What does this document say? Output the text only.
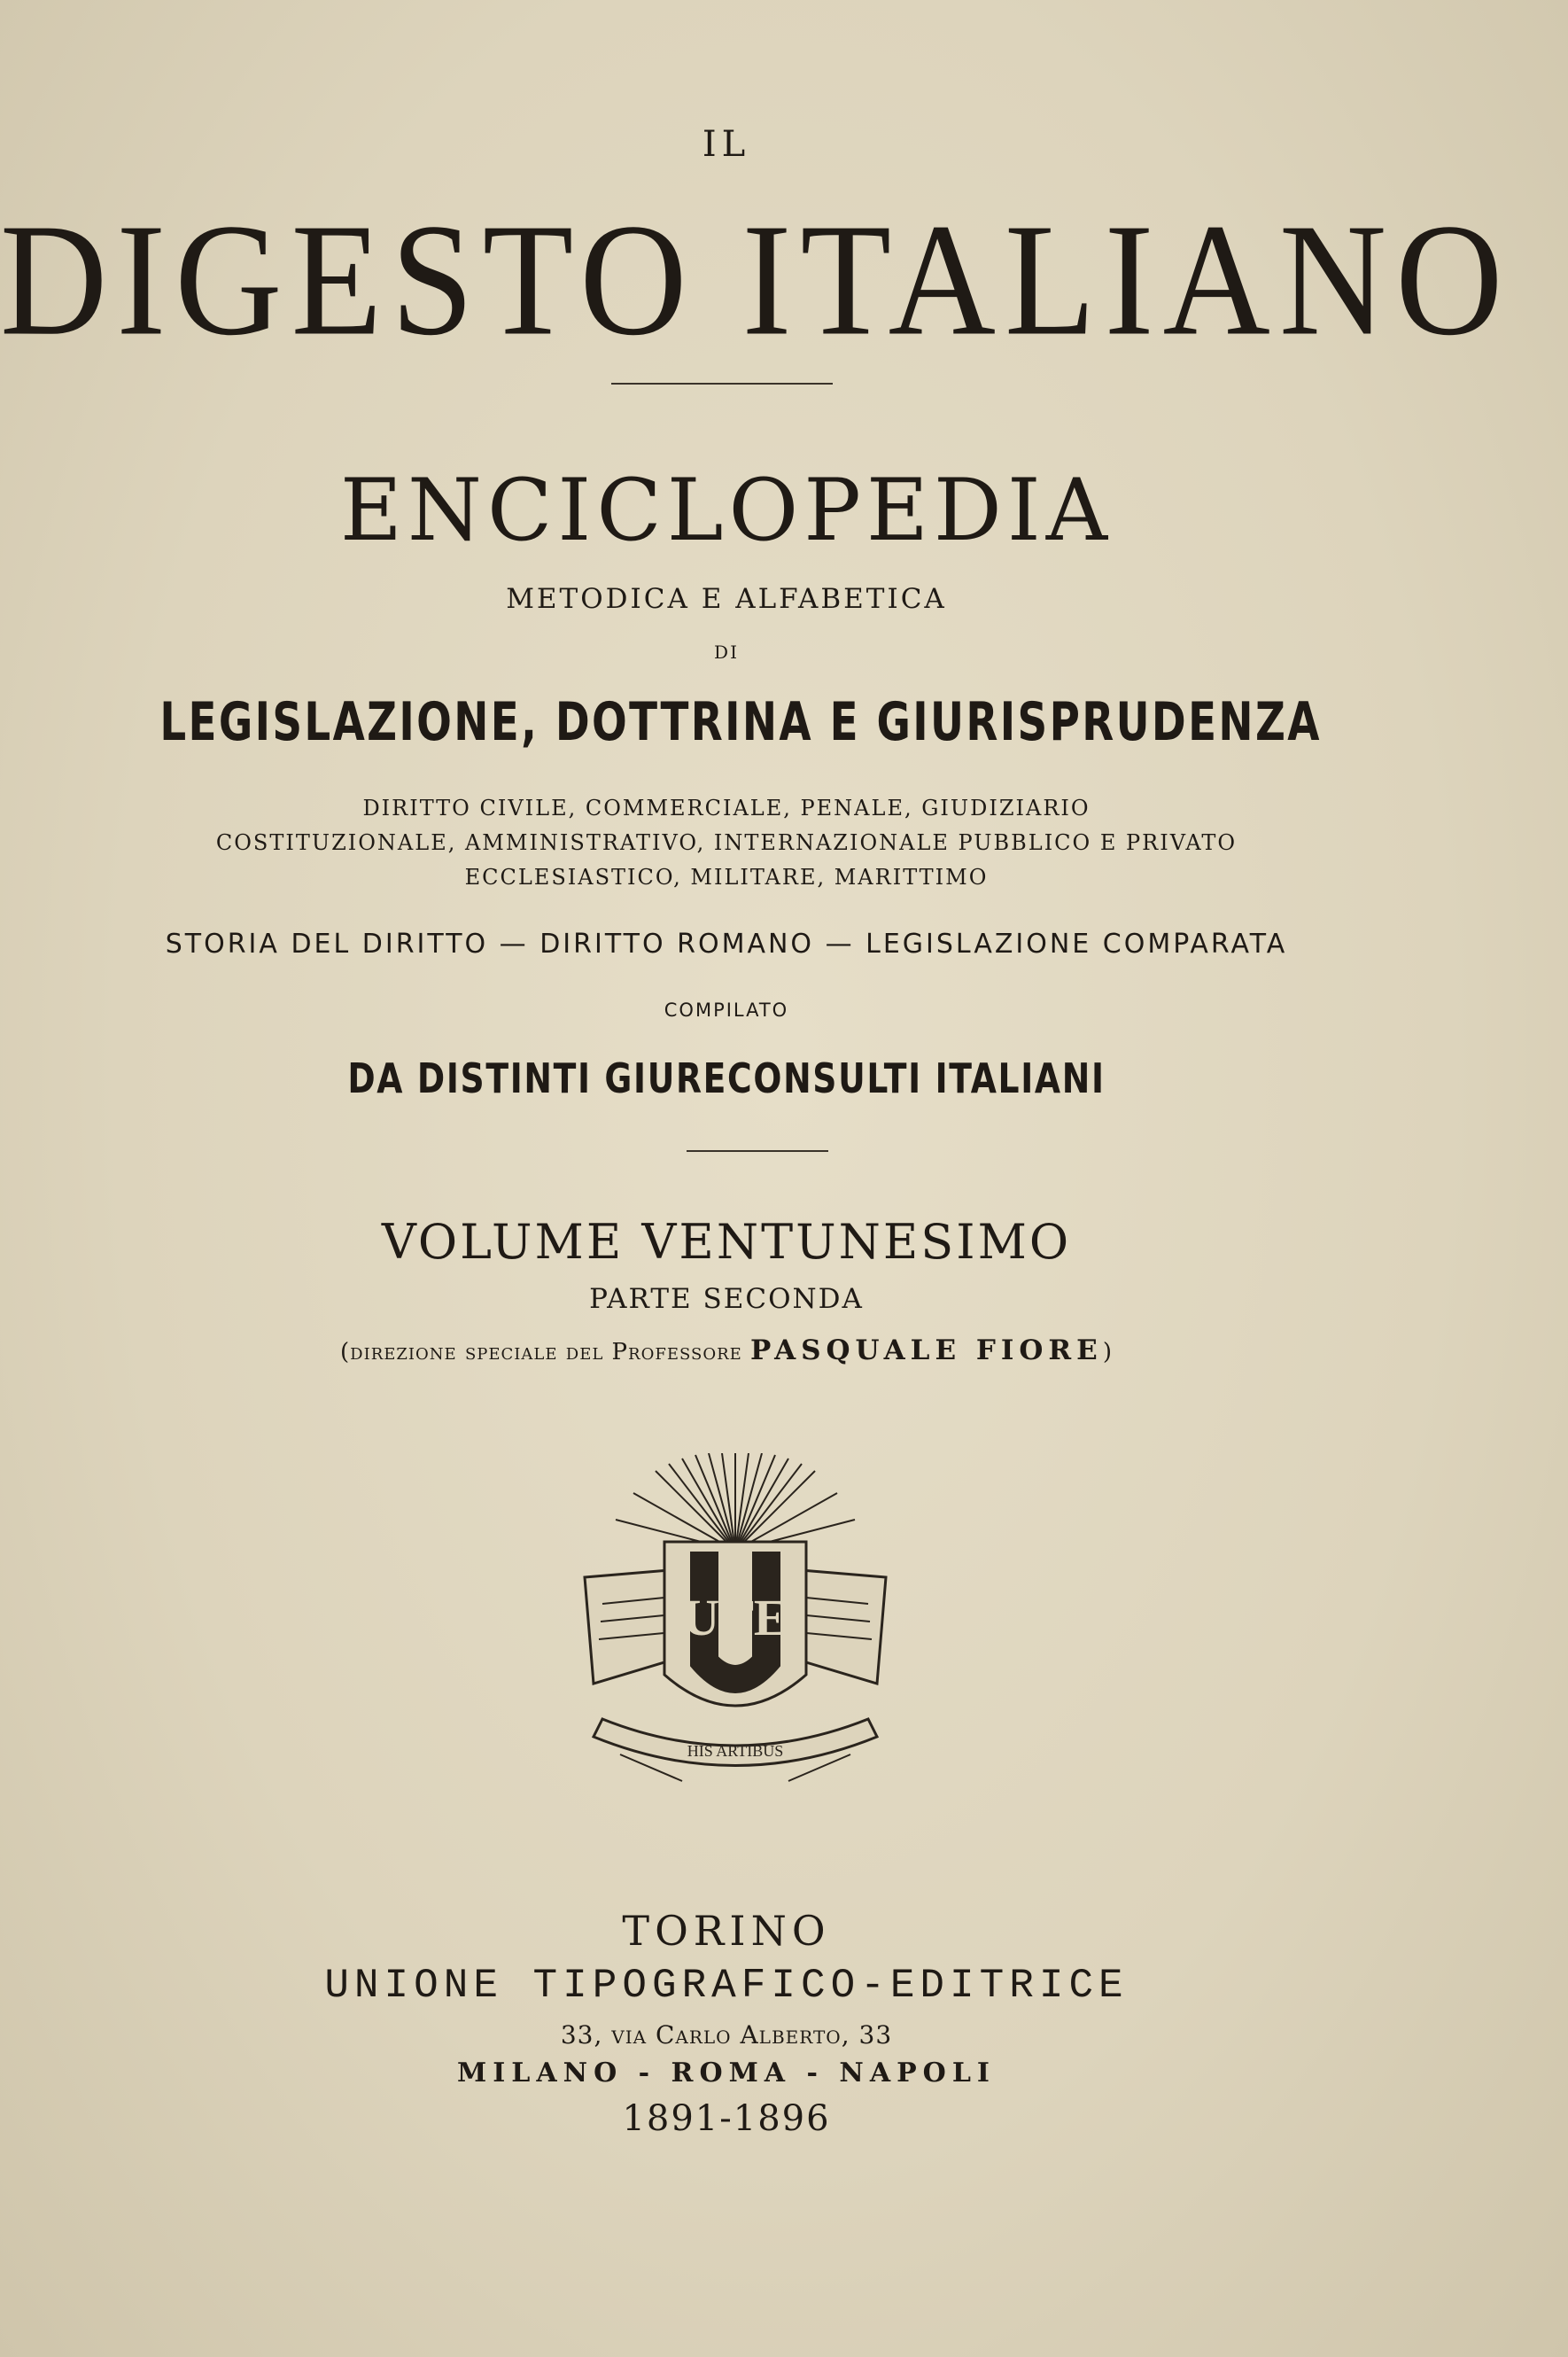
IL
DIGESTO ITALIANO
ENCICLOPEDIA
METODICA E ALFABETICA
DI
LEGISLAZIONE, DOTTRINA E GIURISPRUDENZA
DIRITTO CIVILE, COMMERCIALE, PENALE, GIUDIZIARIO
COSTITUZIONALE, AMMINISTRATIVO, INTERNAZIONALE PUBBLICO E PRIVATO
ECCLESIASTICO, MILITARE, MARITTIMO
STORIA DEL DIRITTO — DIRITTO ROMANO — LEGISLAZIONE COMPARATA
COMPILATO
DA DISTINTI GIURECONSULTI ITALIANI
VOLUME VENTUNESIMO
PARTE SECONDA
(direzione speciale del Professore PASQUALE FIORE)
UTE
HIS ARTIBUS
TORINO
UNIONE TIPOGRAFICO-EDITRICE
33, via Carlo Alberto, 33
MILANO - ROMA - NAPOLI
1891-1896
